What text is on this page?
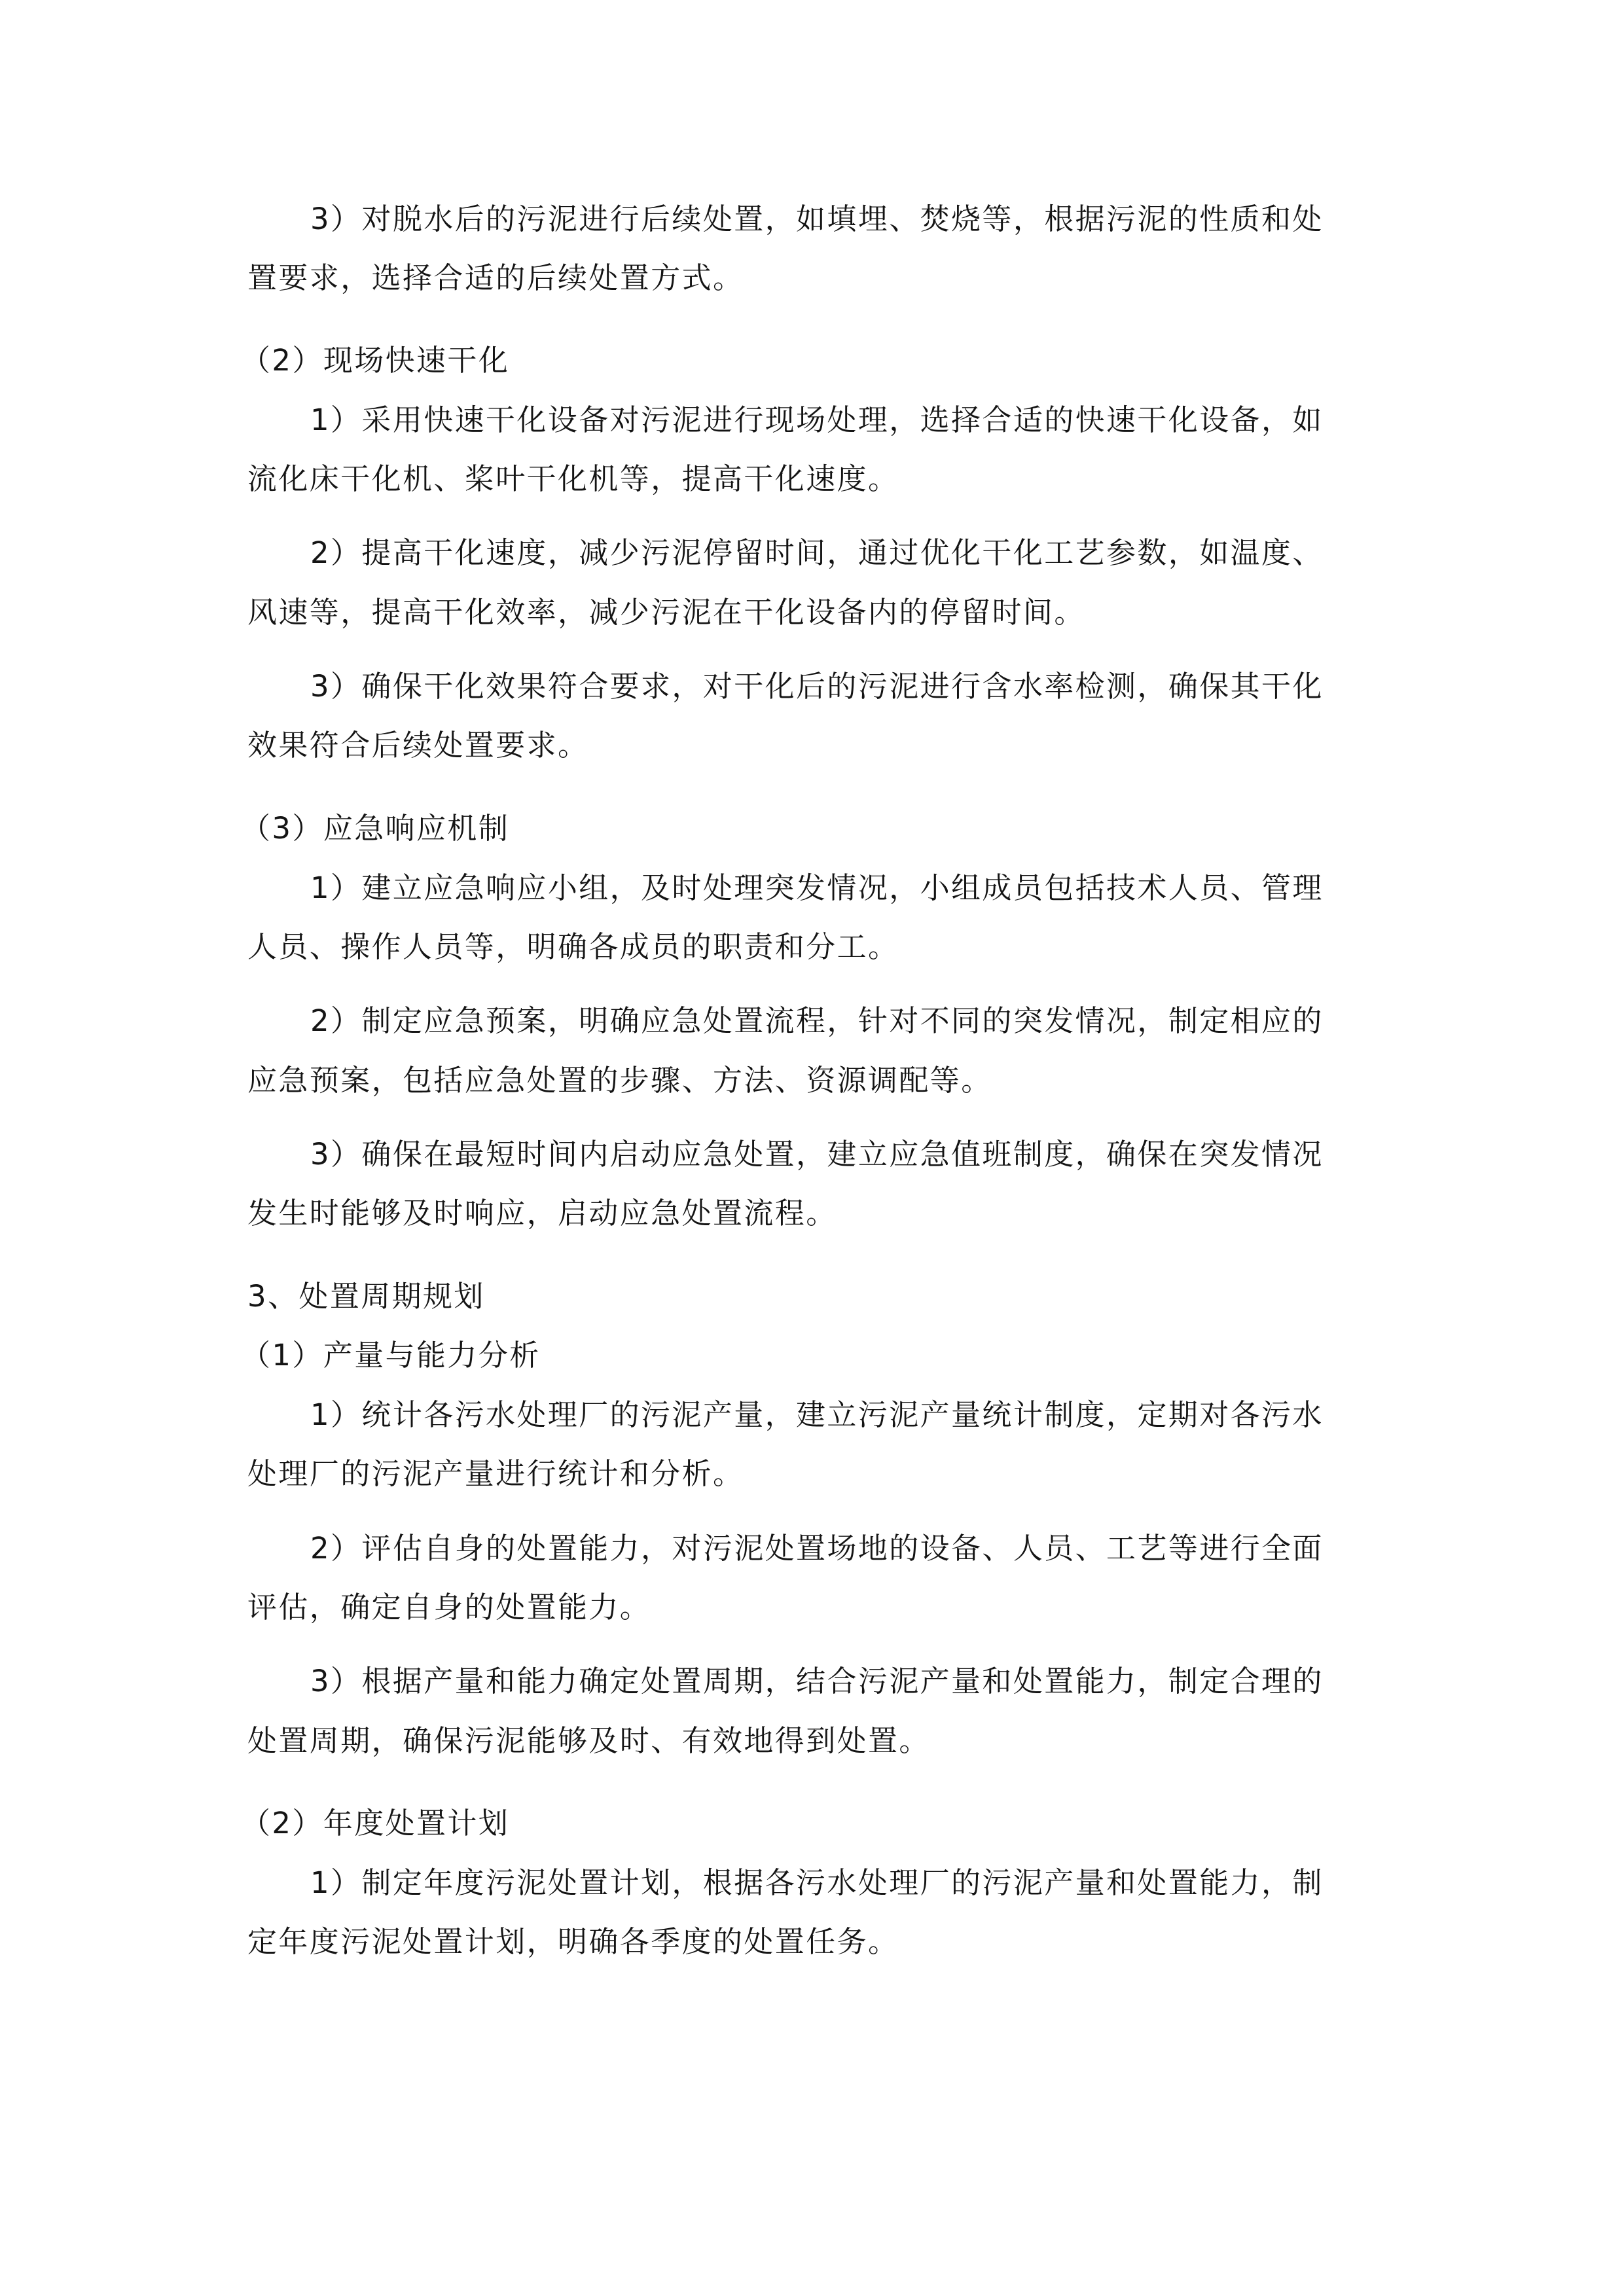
3）对脱水后的污泥进行后续处置，如填埋、焚烧等，根据污泥的性质和处
置要求，选择合适的后续处置方式。
（2）现场快速干化
1）采用快速干化设备对污泥进行现场处理，选择合适的快速干化设备，如
流化床干化机、桨叶干化机等，提高干化速度。
2）提高干化速度，减少污泥停留时间，通过优化干化工艺参数，如温度、
风速等，提高干化效率，减少污泥在干化设备内的停留时间。
3）确保干化效果符合要求，对干化后的污泥进行含水率检测，确保其干化
效果符合后续处置要求。
（3）应急响应机制
1）建立应急响应小组，及时处理突发情况，小组成员包括技术人员、管理
人员、操作人员等，明确各成员的职责和分工。
2）制定应急预案，明确应急处置流程，针对不同的突发情况，制定相应的
应急预案，包括应急处置的步骤、方法、资源调配等。
3）确保在最短时间内启动应急处置，建立应急值班制度，确保在突发情况
发生时能够及时响应，启动应急处置流程。
3、处置周期规划
（1）产量与能力分析
1）统计各污水处理厂的污泥产量，建立污泥产量统计制度，定期对各污水
处理厂的污泥产量进行统计和分析。
2）评估自身的处置能力，对污泥处置场地的设备、人员、工艺等进行全面
评估，确定自身的处置能力。
3）根据产量和能力确定处置周期，结合污泥产量和处置能力，制定合理的
处置周期，确保污泥能够及时、有效地得到处置。
（2）年度处置计划
1）制定年度污泥处置计划，根据各污水处理厂的污泥产量和处置能力，制
定年度污泥处置计划，明确各季度的处置任务。
